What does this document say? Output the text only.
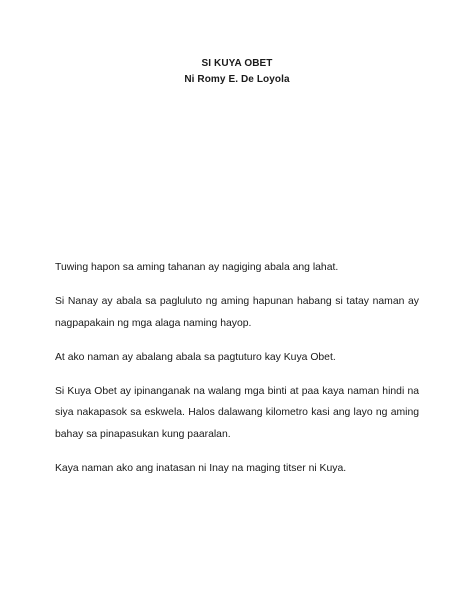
SI KUYA OBET
Ni Romy E. De Loyola

Tuwing hapon sa aming tahanan ay nagiging abala ang lahat.

Si Nanay ay abala sa pagluluto ng aming hapunan habang si tatay naman ay nagpapakain ng mga alaga naming hayop.

At ako naman ay abalang abala sa pagtuturo kay Kuya Obet.

Si Kuya Obet ay ipinanganak na walang mga binti at paa kaya naman hindi na siya nakapasok sa eskwela. Halos dalawang kilometro kasi ang layo ng aming bahay sa pinapasukan kung paaralan.

Kaya naman ako ang inatasan ni Inay na maging titser ni Kuya.
